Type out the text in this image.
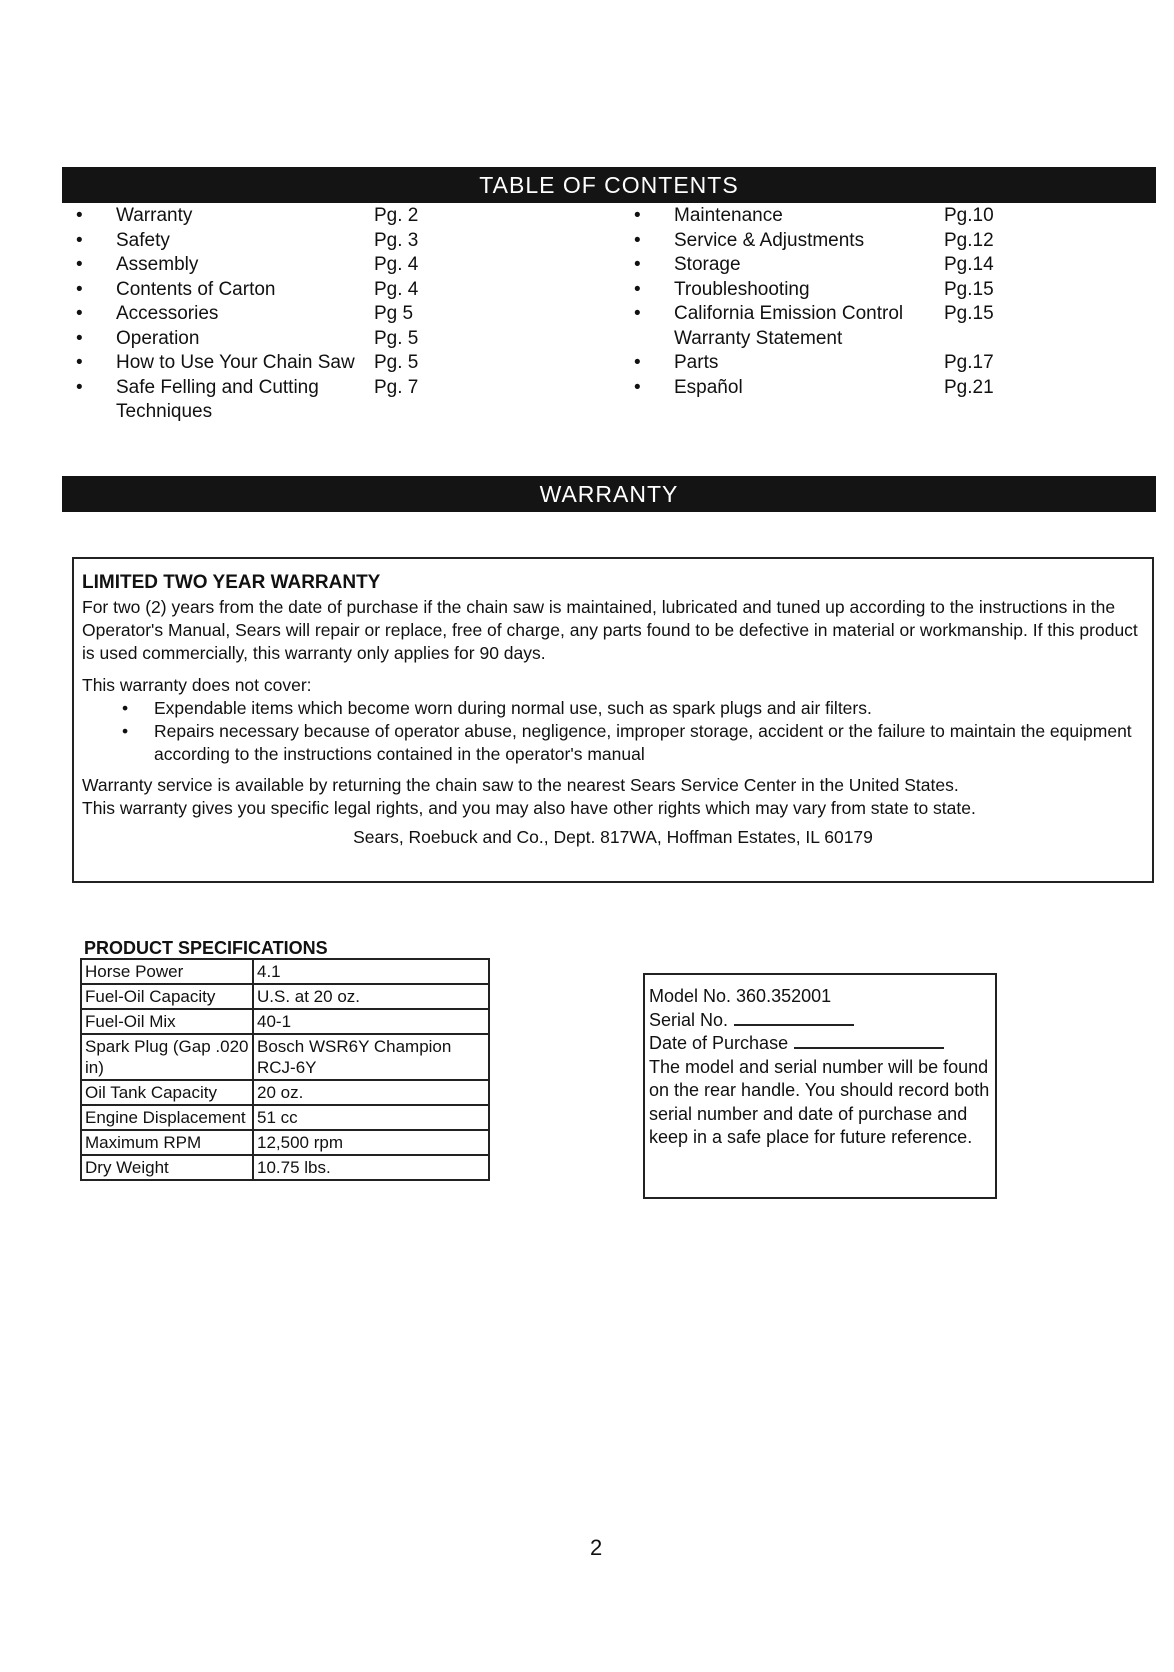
TABLE OF CONTENTS
•	Warranty	Pg. 2
•	Safety	Pg. 3
•	Assembly	Pg. 4
•	Contents of Carton	Pg. 4
•	Accessories	Pg 5
•	Operation	Pg. 5
•	How to Use Your Chain Saw	Pg. 5
•	Safe Felling and Cutting Techniques
Pg. 7
•	Maintenance	Pg.10
•	Service & Adjustments	Pg.12
•	Storage	Pg.14
•	Troubleshooting	Pg.15
•	California Emission Control Warranty Statement
Pg.15
•	Parts	Pg.17
•	Español	Pg.21
WARRANTY
LIMITED TWO YEAR WARRANTY

For two (2) years from the date of purchase if the chain saw is maintained, lubricated and tuned up according to the instructions in the Operator's Manual, Sears will repair or replace, free of charge, any parts found to be defective in material or workmanship. If this product is used commercially, this warranty only applies for 90 days.

This warranty does not cover:

•	Expendable items which become worn during normal use, such as spark plugs and air filters.
•	Repairs necessary because of operator abuse, negligence, improper storage, accident or the failure to maintain the equipment according to the instructions contained in the operator's manual

Warranty service is available by returning the chain saw to the nearest Sears Service Center in the United States.

This warranty gives you specific legal rights, and you may also have other rights which may vary from state to state.

Sears, Roebuck and Co., Dept. 817WA, Hoffman Estates, IL 60179
PRODUCT SPECIFICATIONS
Horse Power	4.1
Fuel-Oil Capacity	U.S. at 20 oz.
Fuel-Oil Mix	40-1
Spark Plug (Gap .020 in)	Bosch WSR6Y Champion RCJ-6Y
Oil Tank Capacity	20 oz.
Engine Displacement	51 cc
Maximum RPM	12,500 rpm
Dry Weight	10.75 lbs.
Model No. 360.352001
Serial No.
Date of Purchase
The model and serial number will be found on the rear handle. You should record both serial number and date of purchase and keep in a safe place for future reference.
2
